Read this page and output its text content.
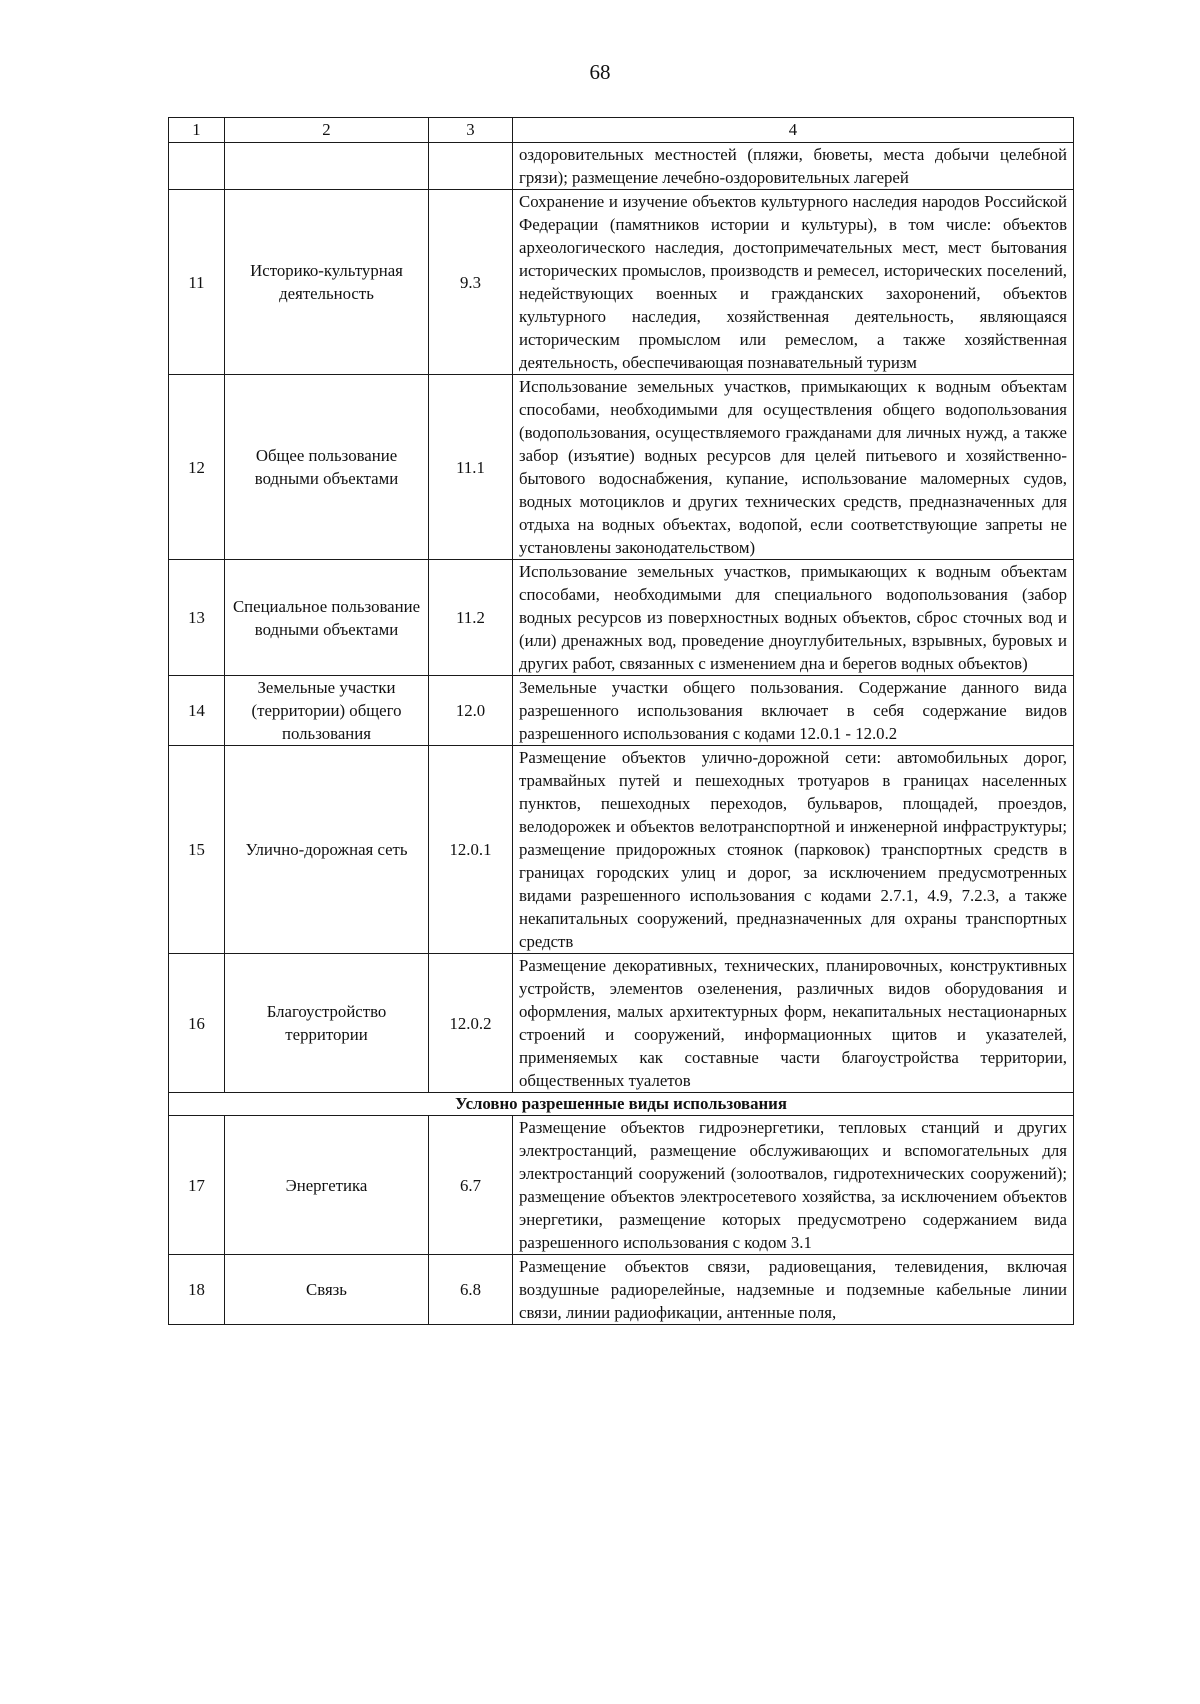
68
1	2	3	4
			оздоровительных местностей (пляжи, бюветы, места добычи целебной грязи); размещение лечебно-оздоровительных лагерей
11	Историко-культурная деятельность	9.3	Сохранение и изучение объектов культурного наследия народов Российской Федерации (памятников истории и культуры), в том числе: объектов археологического наследия, достопримечательных мест, мест бытования исторических промыслов, производств и ремесел, исторических поселений, недействующих военных и гражданских захоронений, объектов культурного наследия, хозяйственная деятельность, являющаяся историческим промыслом или ремеслом, а также хозяйственная деятельность, обеспечивающая познавательный туризм
12	Общее пользование водными объектами	11.1	Использование земельных участков, примыкающих к водным объектам способами, необходимыми для осуществления общего водопользования (водопользования, осуществляемого гражданами для личных нужд, а также забор (изъятие) водных ресурсов для целей питьевого и хозяйственно-бытового водоснабжения, купание, использование маломерных судов, водных мотоциклов и других технических средств, предназначенных для отдыха на водных объектах, водопой, если соответствующие запреты не установлены законодательством)
13	Специальное пользование водными объектами	11.2	Использование земельных участков, примыкающих к водным объектам способами, необходимыми для специального водопользования (забор водных ресурсов из поверхностных водных объектов, сброс сточных вод и (или) дренажных вод, проведение дноуглубительных, взрывных, буровых и других работ, связанных с изменением дна и берегов водных объектов)
14	Земельные участки (территории) общего пользования	12.0	Земельные участки общего пользования. Содержание данного вида разрешенного использования включает в себя содержание видов разрешенного использования с кодами 12.0.1 - 12.0.2
15	Улично-дорожная сеть	12.0.1	Размещение объектов улично-дорожной сети: автомобильных дорог, трамвайных путей и пешеходных тротуаров в границах населенных пунктов, пешеходных переходов, бульваров, площадей, проездов, велодорожек и объектов велотранспортной и инженерной инфраструктуры; размещение придорожных стоянок (парковок) транспортных средств в границах городских улиц и дорог, за исключением предусмотренных видами разрешенного использования с кодами 2.7.1, 4.9, 7.2.3, а также некапитальных сооружений, предназначенных для охраны транспортных средств
16	Благоустройство территории	12.0.2	Размещение декоративных, технических, планировочных, конструктивных устройств, элементов озеленения, различных видов оборудования и оформления, малых архитектурных форм, некапитальных нестационарных строений и сооружений, информационных щитов и указателей, применяемых как составные части благоустройства территории, общественных туалетов
Условно разрешенные виды использования			
17	Энергетика	6.7	Размещение объектов гидроэнергетики, тепловых станций и других электростанций, размещение обслуживающих и вспомогательных для электростанций сооружений (золоотвалов, гидротехнических сооружений); размещение объектов электросетевого хозяйства, за исключением объектов энергетики, размещение которых предусмотрено содержанием вида разрешенного использования с кодом 3.1
18	Связь	6.8	Размещение объектов связи, радиовещания, телевидения, включая воздушные радиорелейные, надземные и подземные кабельные линии связи, линии радиофикации, антенные поля,
